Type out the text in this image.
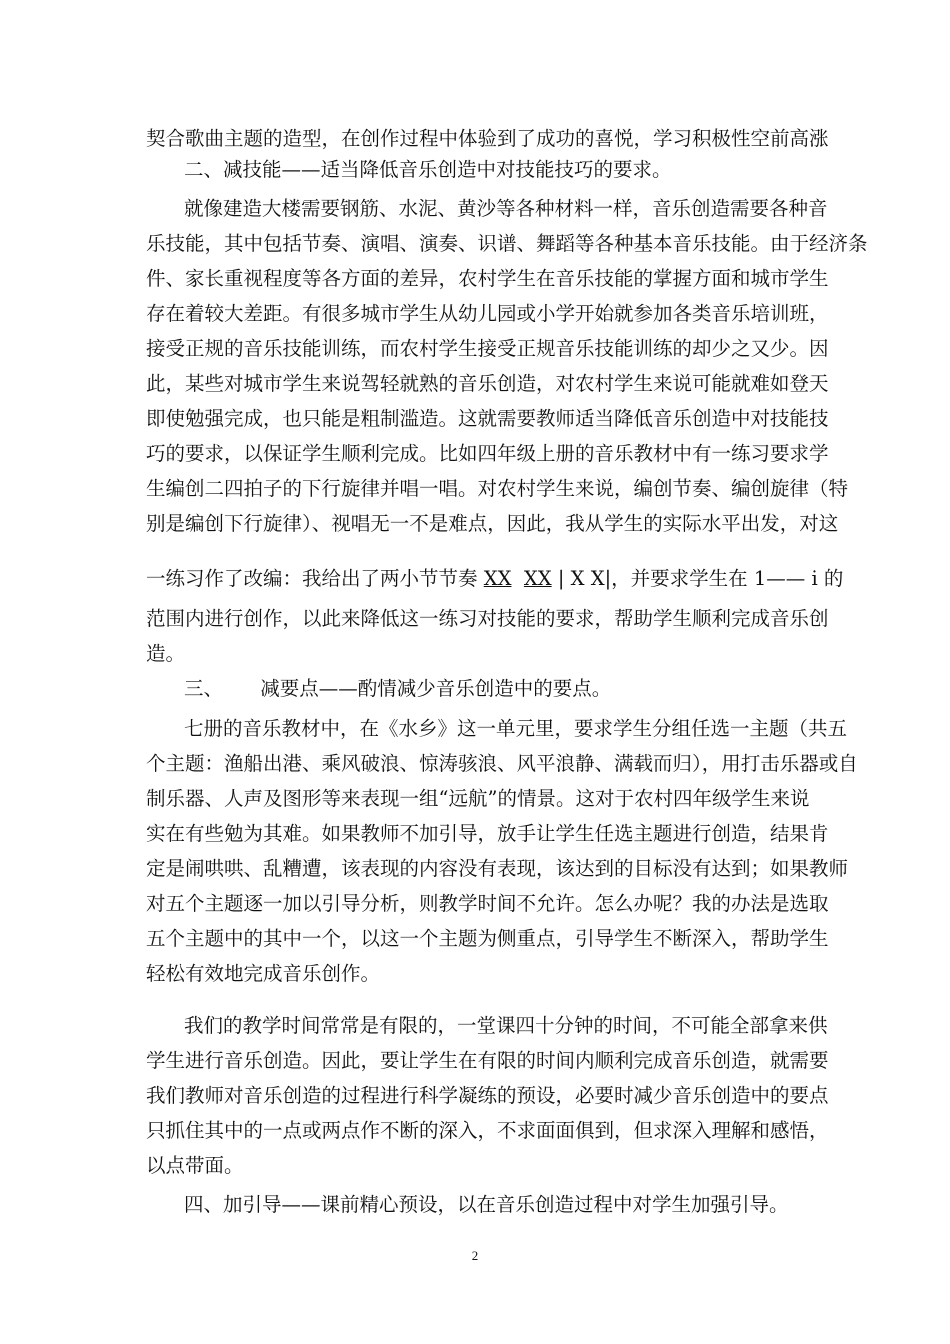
契合歌曲主题的造型，在创作过程中体验到了成功的喜悦，学习积极性空前高涨
二、减技能——适当降低音乐创造中对技能技巧的要求。
就像建造大楼需要钢筋、水泥、黄沙等各种材料一样，音乐创造需要各种音
乐技能，其中包括节奏、演唱、演奏、识谱、舞蹈等各种基本音乐技能。由于经济条
件、家长重视程度等各方面的差异，农村学生在音乐技能的掌握方面和城市学生
存在着较大差距。有很多城市学生从幼儿园或小学开始就参加各类音乐培训班，
接受正规的音乐技能训练，而农村学生接受正规音乐技能训练的却少之又少。因
此，某些对城市学生来说驾轻就熟的音乐创造，对农村学生来说可能就难如登天
即使勉强完成，也只能是粗制滥造。这就需要教师适当降低音乐创造中对技能技
巧的要求，以保证学生顺利完成。比如四年级上册的音乐教材中有一练习要求学
生编创二四拍子的下行旋律并唱一唱。对农村学生来说，编创节奏、编创旋律（特
别是编创下行旋律）、视唱无一不是难点，因此，我从学生的实际水平出发，对这
一练习作了改编：我给出了两小节节奏 XX XX | X X|，并要求学生在 1—— i 的
范围内进行创作，以此来降低这一练习对技能的要求，帮助学生顺利完成音乐创
造。
三、      减要点——酌情减少音乐创造中的要点。
七册的音乐教材中，在《水乡》这一单元里，要求学生分组任选一主题（共五
个主题：渔船出港、乘风破浪、惊涛骇浪、风平浪静、满载而归），用打击乐器或自
制乐器、人声及图形等来表现一组“远航”的情景。这对于农村四年级学生来说
实在有些勉为其难。如果教师不加引导，放手让学生任选主题进行创造，结果肯
定是闹哄哄、乱糟遭，该表现的内容没有表现，该达到的目标没有达到；如果教师
对五个主题逐一加以引导分析，则教学时间不允许。怎么办呢？我的办法是选取
五个主题中的其中一个，以这一个主题为侧重点，引导学生不断深入，帮助学生
轻松有效地完成音乐创作。
我们的教学时间常常是有限的，一堂课四十分钟的时间，不可能全部拿来供
学生进行音乐创造。因此，要让学生在有限的时间内顺利完成音乐创造，就需要
我们教师对音乐创造的过程进行科学凝练的预设，必要时减少音乐创造中的要点
只抓住其中的一点或两点作不断的深入，不求面面俱到，但求深入理解和感悟，
以点带面。
四、加引导——课前精心预设，以在音乐创造过程中对学生加强引导。
2
